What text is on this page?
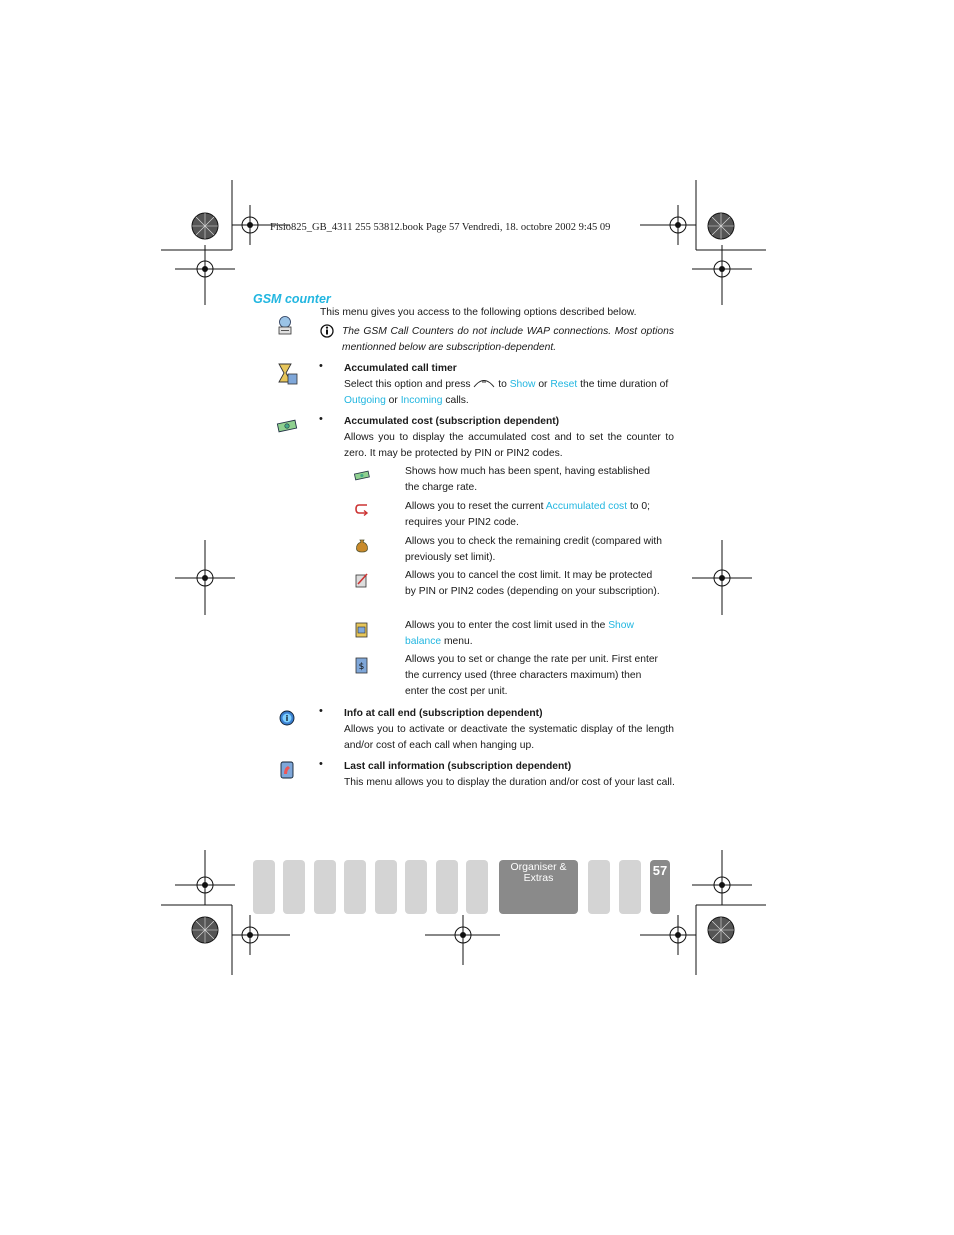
Fisio825_GB_4311 255 53812.book Page 57 Vendredi, 18. octobre 2002 9:45 09
GSM counter
This menu gives you access to the following options described below.
The GSM Call Counters do not include WAP connections. Most options mentionned below are subscription-dependent.
• Accumulated call timer
Select this option and press  to Show or Reset the time duration of Outgoing or Incoming calls.
• Accumulated cost (subscription dependent)
Allows you to display the accumulated cost and to set the counter to zero. It may be protected by PIN or PIN2 codes.
Shows how much has been spent, having established the charge rate.
Allows you to reset the current Accumulated cost to 0; requires your PIN2 code.
Allows you to check the remaining credit (compared with previously set limit).
Allows you to cancel the cost limit. It may be protected by PIN or PIN2 codes (depending on your subscription).
Allows you to enter the cost limit used in the Show balance menu.
$
Allows you to set or change the rate per unit. First enter the currency used (three characters maximum) then enter the cost per unit.
i
• Info at call end (subscription dependent)
Allows you to activate or deactivate the systematic display of the length and/or cost of each call when hanging up.
• Last call information (subscription dependent)
This menu allows you to display the duration and/or cost of your last call.
Organiser & Extras	57
